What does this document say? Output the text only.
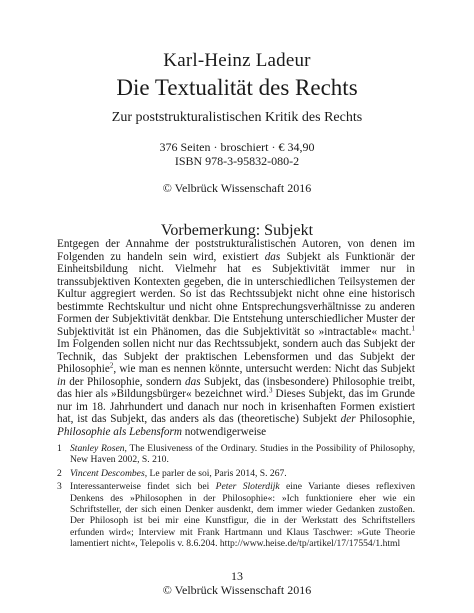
Karl-Heinz Ladeur
Die Textualität des Rechts
Zur poststrukturalistischen Kritik des Rechts
376 Seiten · broschiert · € 34,90
ISBN 978-3-95832-080-2
© Velbrück Wissenschaft 2016
Vorbemerkung: Subjekt

Entgegen der Annahme der poststrukturalistischen Autoren, von denen im Folgenden zu handeln sein wird, existiert das Subjekt als Funktionär der Einheitsbildung nicht. Vielmehr hat es Subjektivität immer nur in transsubjektiven Kontexten gegeben, die in unterschiedlichen Teilsystemen der Kultur aggregiert werden. So ist das Rechtssubjekt nicht ohne eine historisch bestimmte Rechtskultur und nicht ohne Entsprechungsverhältnisse zu anderen Formen der Subjektivität denkbar. Die Entstehung unterschiedlicher Muster der Subjektivität ist ein Phänomen, das die Subjektivität so »intractable« macht.$^1$ Im Folgenden sollen nicht nur das Rechtssubjekt, sondern auch das Subjekt der Technik, das Subjekt der praktischen Lebensformen und das Subjekt der Philosophie$^2$, wie man es nennen könnte, untersucht werden: Nicht das Subjekt in der Philosophie, sondern das Subjekt, das (insbesondere) Philosophie treibt, das hier als »Bildungsbürger« bezeichnet wird.$^3$ Dieses Subjekt, das im Grunde nur im 18. Jahrhundert und danach nur noch in krisenhaften Formen existiert hat, ist das Subjekt, das anders als das (theoretische) Subjekt der Philosophie, Philosophie als Lebensform notwendigerweise

1 Stanley Rosen, The Elusiveness of the Ordinary. Studies in the Possibility of Philosophy, New Haven 2002, S. 210.
2 Vincent Descombes, Le parler de soi, Paris 2014, S. 267.
3 Interessanterweise findet sich bei Peter Sloterdijk eine Variante dieses reflexiven Denkens des »Philosophen in der Philosophie«: »Ich funktioniere eher wie ein Schriftsteller, der sich einen Denker ausdenkt, dem immer wieder Gedanken zustoßen. Der Philosoph ist bei mir eine Kunstfigur, die in der Werkstatt des Schriftstellers erfunden wird«; Interview mit Frank Hartmann und Klaus Taschwer: »Gute Theorie lamentiert nicht«, Telepolis v. 8.6.204. http://www.heise.de/tp/artikel/17/17554/1.html
13
© Velbrück Wissenschaft 2016
